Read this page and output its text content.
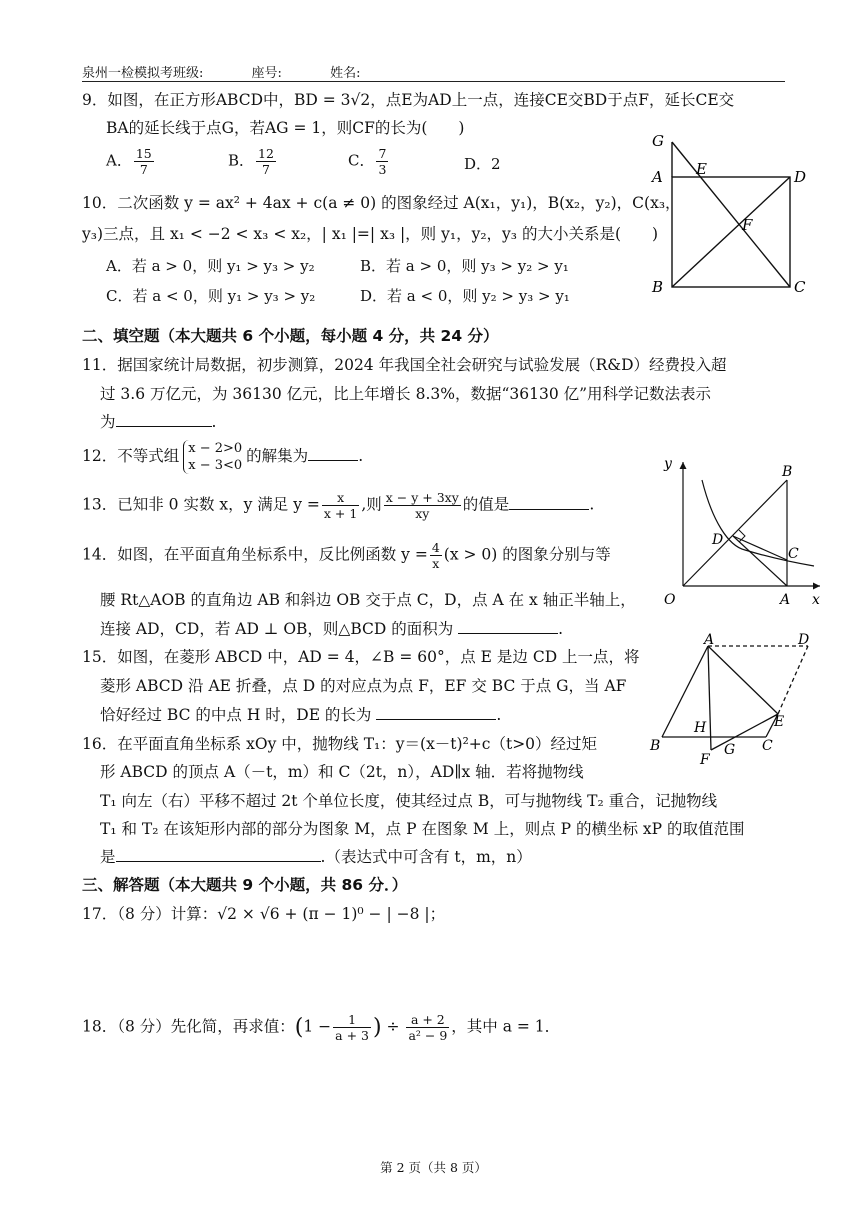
泉州一检模拟考班级:	座号:	姓名:
9．如图，在正方形ABCD中，BD = 3√2，点E为AD上一点，连接CE交BD于点F，延长CE交
BA的延长线于点G，若AG = 1，则CF的长为(　　)
A． $\frac{15}{7}$	B． $\frac{12}{7}$	C． $\frac{7}{3}$	D．2
G
A E	D
F
B	C
10．二次函数 y = ax² + 4ax + c(a ≠ 0) 的图象经过 A(x₁，y₁)，B(x₂，y₂)，C(x₃，
y₃)三点，且 x₁ < −2 < x₃ < x₂，| x₁ |=| x₃ |，则 y₁，y₂，y₃ 的大小关系是(　　)
A．若 a > 0，则 y₁ > y₃ > y₂	B．若 a > 0，则 y₃ > y₂ > y₁
C．若 a < 0，则 y₁ > y₃ > y₂	D．若 a < 0，则 y₂ > y₃ > y₁
二、填空题（本大题共 6 个小题，每小题 4 分，共 24 分）
11．据国家统计局数据，初步测算，2024 年我国全社会研究与试验发展（R&D）经费投入超
过 3.6 万亿元，为 36130 亿元，比上年增长 8.3%，数据“36130 亿”用科学记数法表示
为	.
12．不等式组 x − 2>0
x − 3<0
的解集为	.
13．已知非 0 实数 x，y 满足 $y = \frac{x}{x + 1}$ ,则 $\frac{x - y + 3xy}{xy}$ 的值是	.
14．如图，在平面直角坐标系中，反比例函数 $y = \frac{4}{x} (x > 0)$ 的图象分别与等
腰 Rt△AOB 的直角边 AB 和斜边 OB 交于点 C，D，点 A 在 x 轴正半轴上，
连接 AD，CD，若 AD ⊥ OB，则△BCD 的面积为	.
y	B
D
C
O	A x
15．如图，在菱形 ABCD 中，AD = 4，∠B = 60°，点 E 是边 CD 上一点，将
菱形 ABCD 沿 AE 折叠，点 D 的对应点为点 F，EF 交 BC 于点 G，当 AF
恰好经过 BC 的中点 H 时，DE 的长为	.
A	D
E
H
B	G C
F
16．在平面直角坐标系 xOy 中，抛物线 T₁：y＝(x－t)²+c（t>0）经过矩
形 ABCD 的顶点 A（－t，m）和 C（2t，n），AD∥x 轴．若将抛物线
T₁ 向左（右）平移不超过 2t 个单位长度，使其经过点 B，可与抛物线 T₂ 重合，记抛物线
T₁ 和 T₂ 在该矩形内部的部分为图象 M，点 P 在图象 M 上，则点 P 的横坐标 xP 的取值范围
是	.（表达式中可含有 t，m，n）
三、解答题（本大题共 9 个小题，共 86 分．）
17．（8 分）计算：√2 × √6 + (π − 1)⁰ − | −8 |；
18．（8 分）先化简，再求值：($1 - \frac{1}{a + 3}$ ) ÷ $\frac{a + 2}{\text{a² − 9}}$ ，其中 a = 1．
第 2 页（共 8 页）
